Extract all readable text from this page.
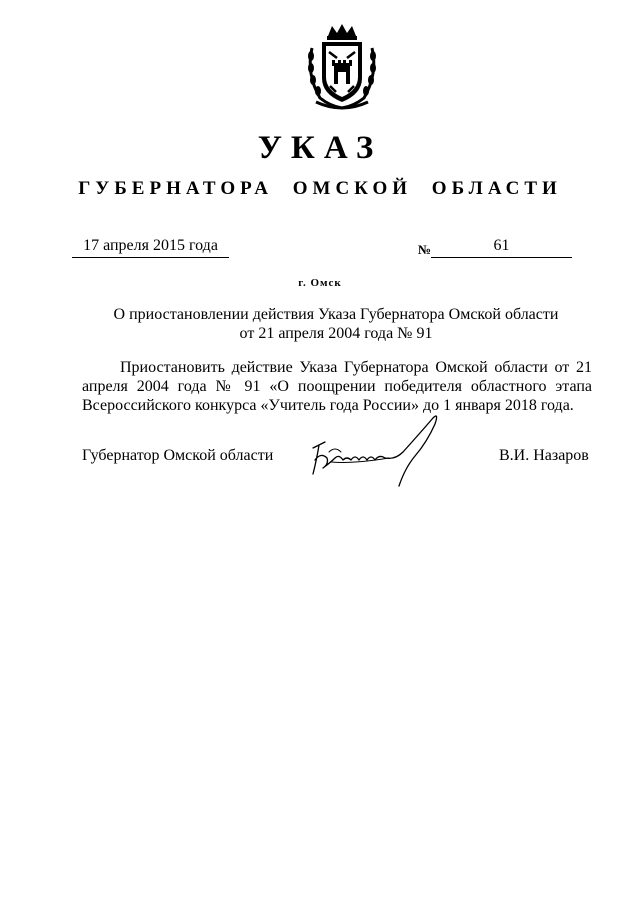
УКАЗ
ГУБЕРНАТОРА ОМСКОЙ ОБЛАСТИ
17 апреля 2015 года	№	61
г. Омск
О приостановлении действия Указа Губернатора Омской области
от 21 апреля 2004 года № 91
Приостановить действие Указа Губернатора Омской области от 21 апреля 2004 года № 91 «О поощрении победителя областного этапа Всероссийского конкурса «Учитель года России» до 1 января 2018 года.
Губернатор Омской области	В.И. Назаров
